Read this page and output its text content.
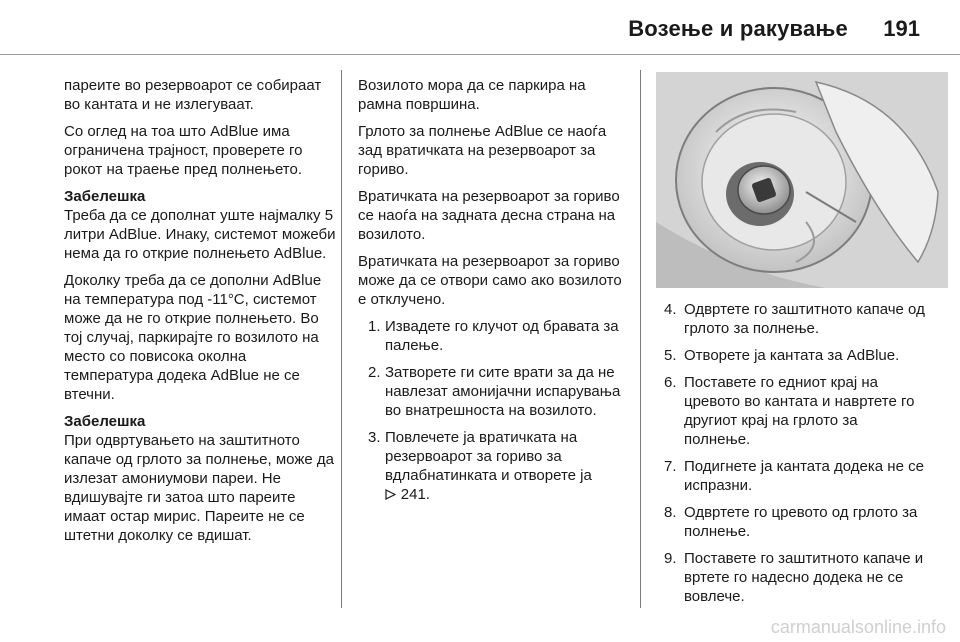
Возење и ракување 191

пареите во резервоарот се собираат во кантата и не излегуваат.

Со оглед на тоа што AdBlue има ограничена трајност, проверете го рокот на траење пред полнењето.

Забелешка
Треба да се дополнат уште најмалку 5 литри AdBlue. Инаку, системот можеби нема да го открие полнењето AdBlue.

Доколку треба да се дополни AdBlue на температура под -11°C, системот може да не го открие полнењето. Во тој случај, паркирајте го возилото на место со повисока околна температура додека AdBlue не се втечни.

Забелешка
При одвртувањето на заштитното капаче од грлото за полнење, може да излезат амониумови пареи. Не вдишувајте ги затоа што пареите имаат остар мирис. Пареите не се штетни доколку се вдишат.

Возилото мора да се паркира на рамна површина.

Грлото за полнење AdBlue се наоѓа зад вратичката на резервоарот за гориво.

Вратичката на резервоарот за гориво се наоѓа на задната десна страна на возилото.

Вратичката на резервоарот за гориво може да се отвори само ако возилото е отклучено.

1. Извадете го клучот од бравата за палење.
2. Затворете ги сите врати за да не навлезат амонијачни испарувања во внатрешноста на возилото.
3. Повлечете ја вратичката на резервоарот за гориво за вдлабнатинката и отворете ја
241.
4. Одвртете го заштитното капаче од грлото за полнење.
5. Отворете ја кантата за AdBlue.
6. Поставете го едниот крај на цревото во кантата и навртете го другиот крај на грлото за полнење.
7. Подигнете ја кантата додека не се испразни.
8. Одвртете го цревото од грлото за полнење.
9. Поставете го заштитното капаче и вртете го надесно додека не се вовлече.
carmanualsonline.info
